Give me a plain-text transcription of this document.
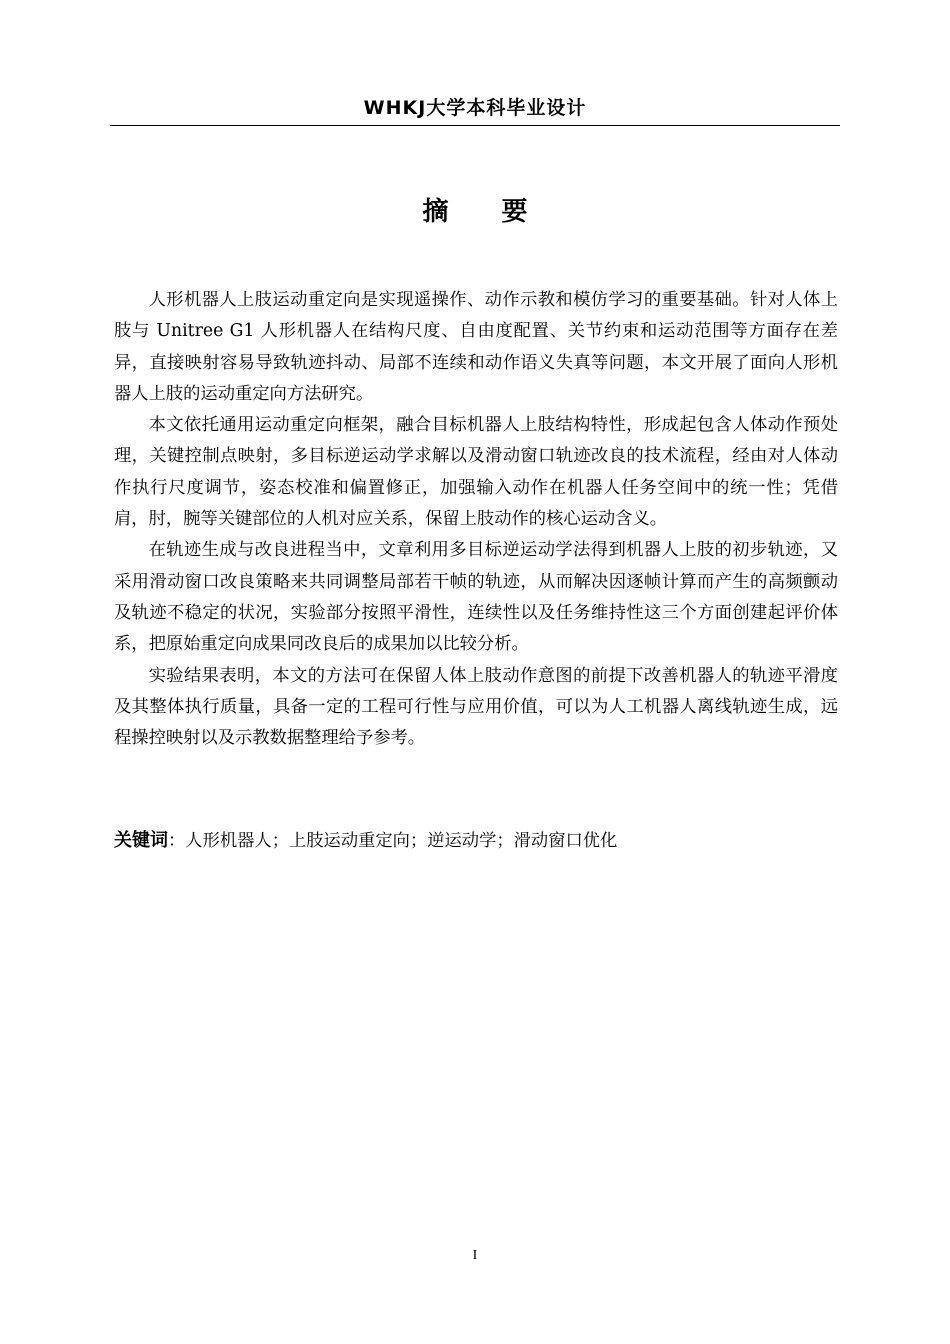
WHKJ大学本科毕业设计
摘 要

人形机器人上肢运动重定向是实现遥操作、动作示教和模仿学习的重要基础。针对人体上肢与 Unitree G1 人形机器人在结构尺度、自由度配置、关节约束和运动范围等方面存在差异，直接映射容易导致轨迹抖动、局部不连续和动作语义失真等问题，本文开展了面向人形机器人上肢的运动重定向方法研究。

本文依托通用运动重定向框架，融合目标机器人上肢结构特性，形成起包含人体动作预处理，关键控制点映射，多目标逆运动学求解以及滑动窗口轨迹改良的技术流程，经由对人体动作执行尺度调节，姿态校准和偏置修正，加强输入动作在机器人任务空间中的统一性；凭借肩，肘，腕等关键部位的人机对应关系，保留上肢动作的核心运动含义。

在轨迹生成与改良进程当中，文章利用多目标逆运动学法得到机器人上肢的初步轨迹，又采用滑动窗口改良策略来共同调整局部若干帧的轨迹，从而解决因逐帧计算而产生的高频颤动及轨迹不稳定的状况，实验部分按照平滑性，连续性以及任务维持性这三个方面创建起评价体系，把原始重定向成果同改良后的成果加以比较分析。

实验结果表明，本文的方法可在保留人体上肢动作意图的前提下改善机器人的轨迹平滑度及其整体执行质量，具备一定的工程可行性与应用价值，可以为人工机器人离线轨迹生成，远程操控映射以及示教数据整理给予参考。

关键词：人形机器人；上肢运动重定向；逆运动学；滑动窗口优化
I
